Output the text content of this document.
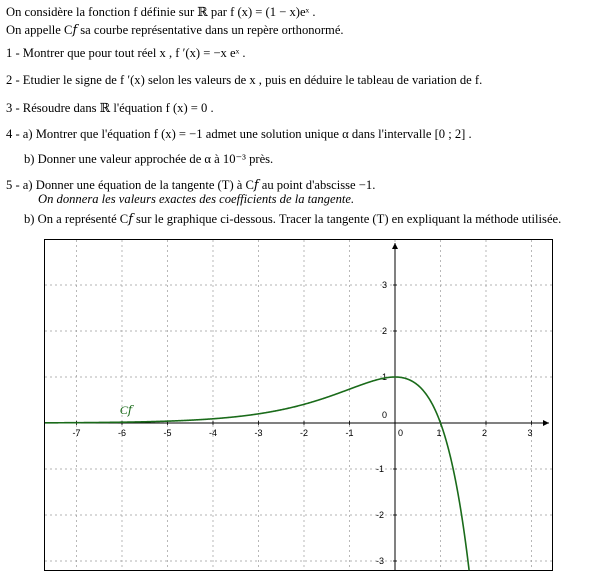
On considère la fonction f définie sur ℝ par f (x) = (1 − x)eˣ .
On appelle C𝑓 sa courbe représentative dans un repère orthonormé.
1 - Montrer que pour tout réel x , f ′(x) = −x eˣ .
2 - Etudier le signe de f ′(x) selon les valeurs de x , puis en déduire le tableau de variation de f.
3 - Résoudre dans ℝ l'équation f (x) = 0 .
4 - a) Montrer que l'équation f (x) = −1 admet une solution unique α dans l'intervalle [0 ; 2] .
b) Donner une valeur approchée de α à 10⁻³ près.
5 - a) Donner une équation de la tangente (T) à C𝑓 au point d'abscisse −1.
On donnera les valeurs exactes des coefficients de la tangente.
b) On a représenté C𝑓 sur le graphique ci-dessous. Tracer la tangente (T) en expliquant la méthode utilisée.
-7	-6	-5	-4	-3	-2	-1	0	1	2	3
-3
-2
-1
1
2
3
0
C𝑓
